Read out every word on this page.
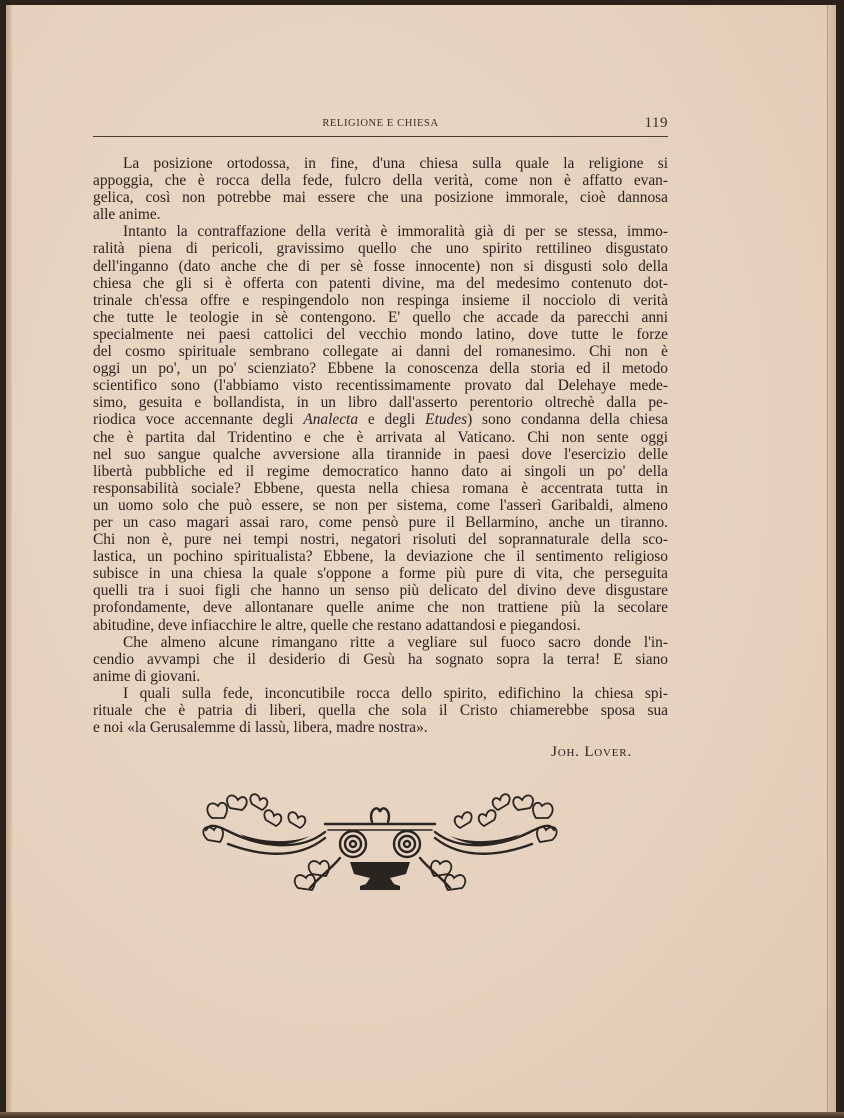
RELIGIONE E CHIESA	119
La posizione ortodossa, in fine, d'una chiesa sulla quale la religione si
appoggia, che è rocca della fede, fulcro della verità, come non è affatto evan-
gelica, così non potrebbe mai essere che una posizione immorale, cioè dannosa
alle anime.
Intanto la contraffazione della verità è immoralità già di per se stessa, immo-
ralità piena di pericoli, gravissimo quello che uno spirito rettilineo disgustato
dell'inganno (dato anche che di per sè fosse innocente) non si disgusti solo della
chiesa che gli si è offerta con patenti divine, ma del medesimo contenuto dot-
trinale ch'essa offre e respingendolo non respinga insieme il nocciolo di verità
che tutte le teologie in sè contengono. E' quello che accade da parecchi anni
specialmente nei paesi cattolici del vecchio mondo latino, dove tutte le forze
del cosmo spirituale sembrano collegate ai danni del romanesimo. Chi non è
oggi un po', un po' scienziato? Ebbene la conoscenza della storia ed il metodo
scientifico sono (l'abbiamo visto recentissimamente provato dal Delehaye mede-
simo, gesuita e bollandista, in un libro dall'asserto perentorio oltrechè dalla pe-
riodica voce accennante degli Analecta e degli Etudes) sono condanna della chiesa
che è partita dal Tridentino e che è arrivata al Vaticano. Chi non sente oggi
nel suo sangue qualche avversione alla tirannide in paesi dove l'esercizio delle
libertà pubbliche ed il regime democratico hanno dato ai singoli un po' della
responsabilità sociale? Ebbene, questa nella chiesa romana è accentrata tutta in
un uomo solo che può essere, se non per sistema, come l'asserì Garibaldi, almeno
per un caso magari assai raro, come pensò pure il Bellarmino, anche un tiranno.
Chi non è, pure nei tempi nostri, negatori risoluti del soprannaturale della sco-
lastica, un pochino spiritualista? Ebbene, la deviazione che il sentimento religioso
subisce in una chiesa la quale s'oppone a forme più pure di vita, che perseguita
quelli tra i suoi figli che hanno un senso più delicato del divino deve disgustare
profondamente, deve allontanare quelle anime che non trattiene più la secolare
abitudine, deve infiacchire le altre, quelle che restano adattandosi e piegandosi.
Che almeno alcune rimangano ritte a vegliare sul fuoco sacro donde l'in-
cendio avvampi che il desiderio di Gesù ha sognato sopra la terra! E siano
anime di giovani.
I quali sulla fede, inconcutibile rocca dello spirito, edifichino la chiesa spi-
rituale che è patria di liberi, quella che sola il Cristo chiamerebbe sposa sua
e noi «la Gerusalemme di lassù, libera, madre nostra».
Joh. Lover.
